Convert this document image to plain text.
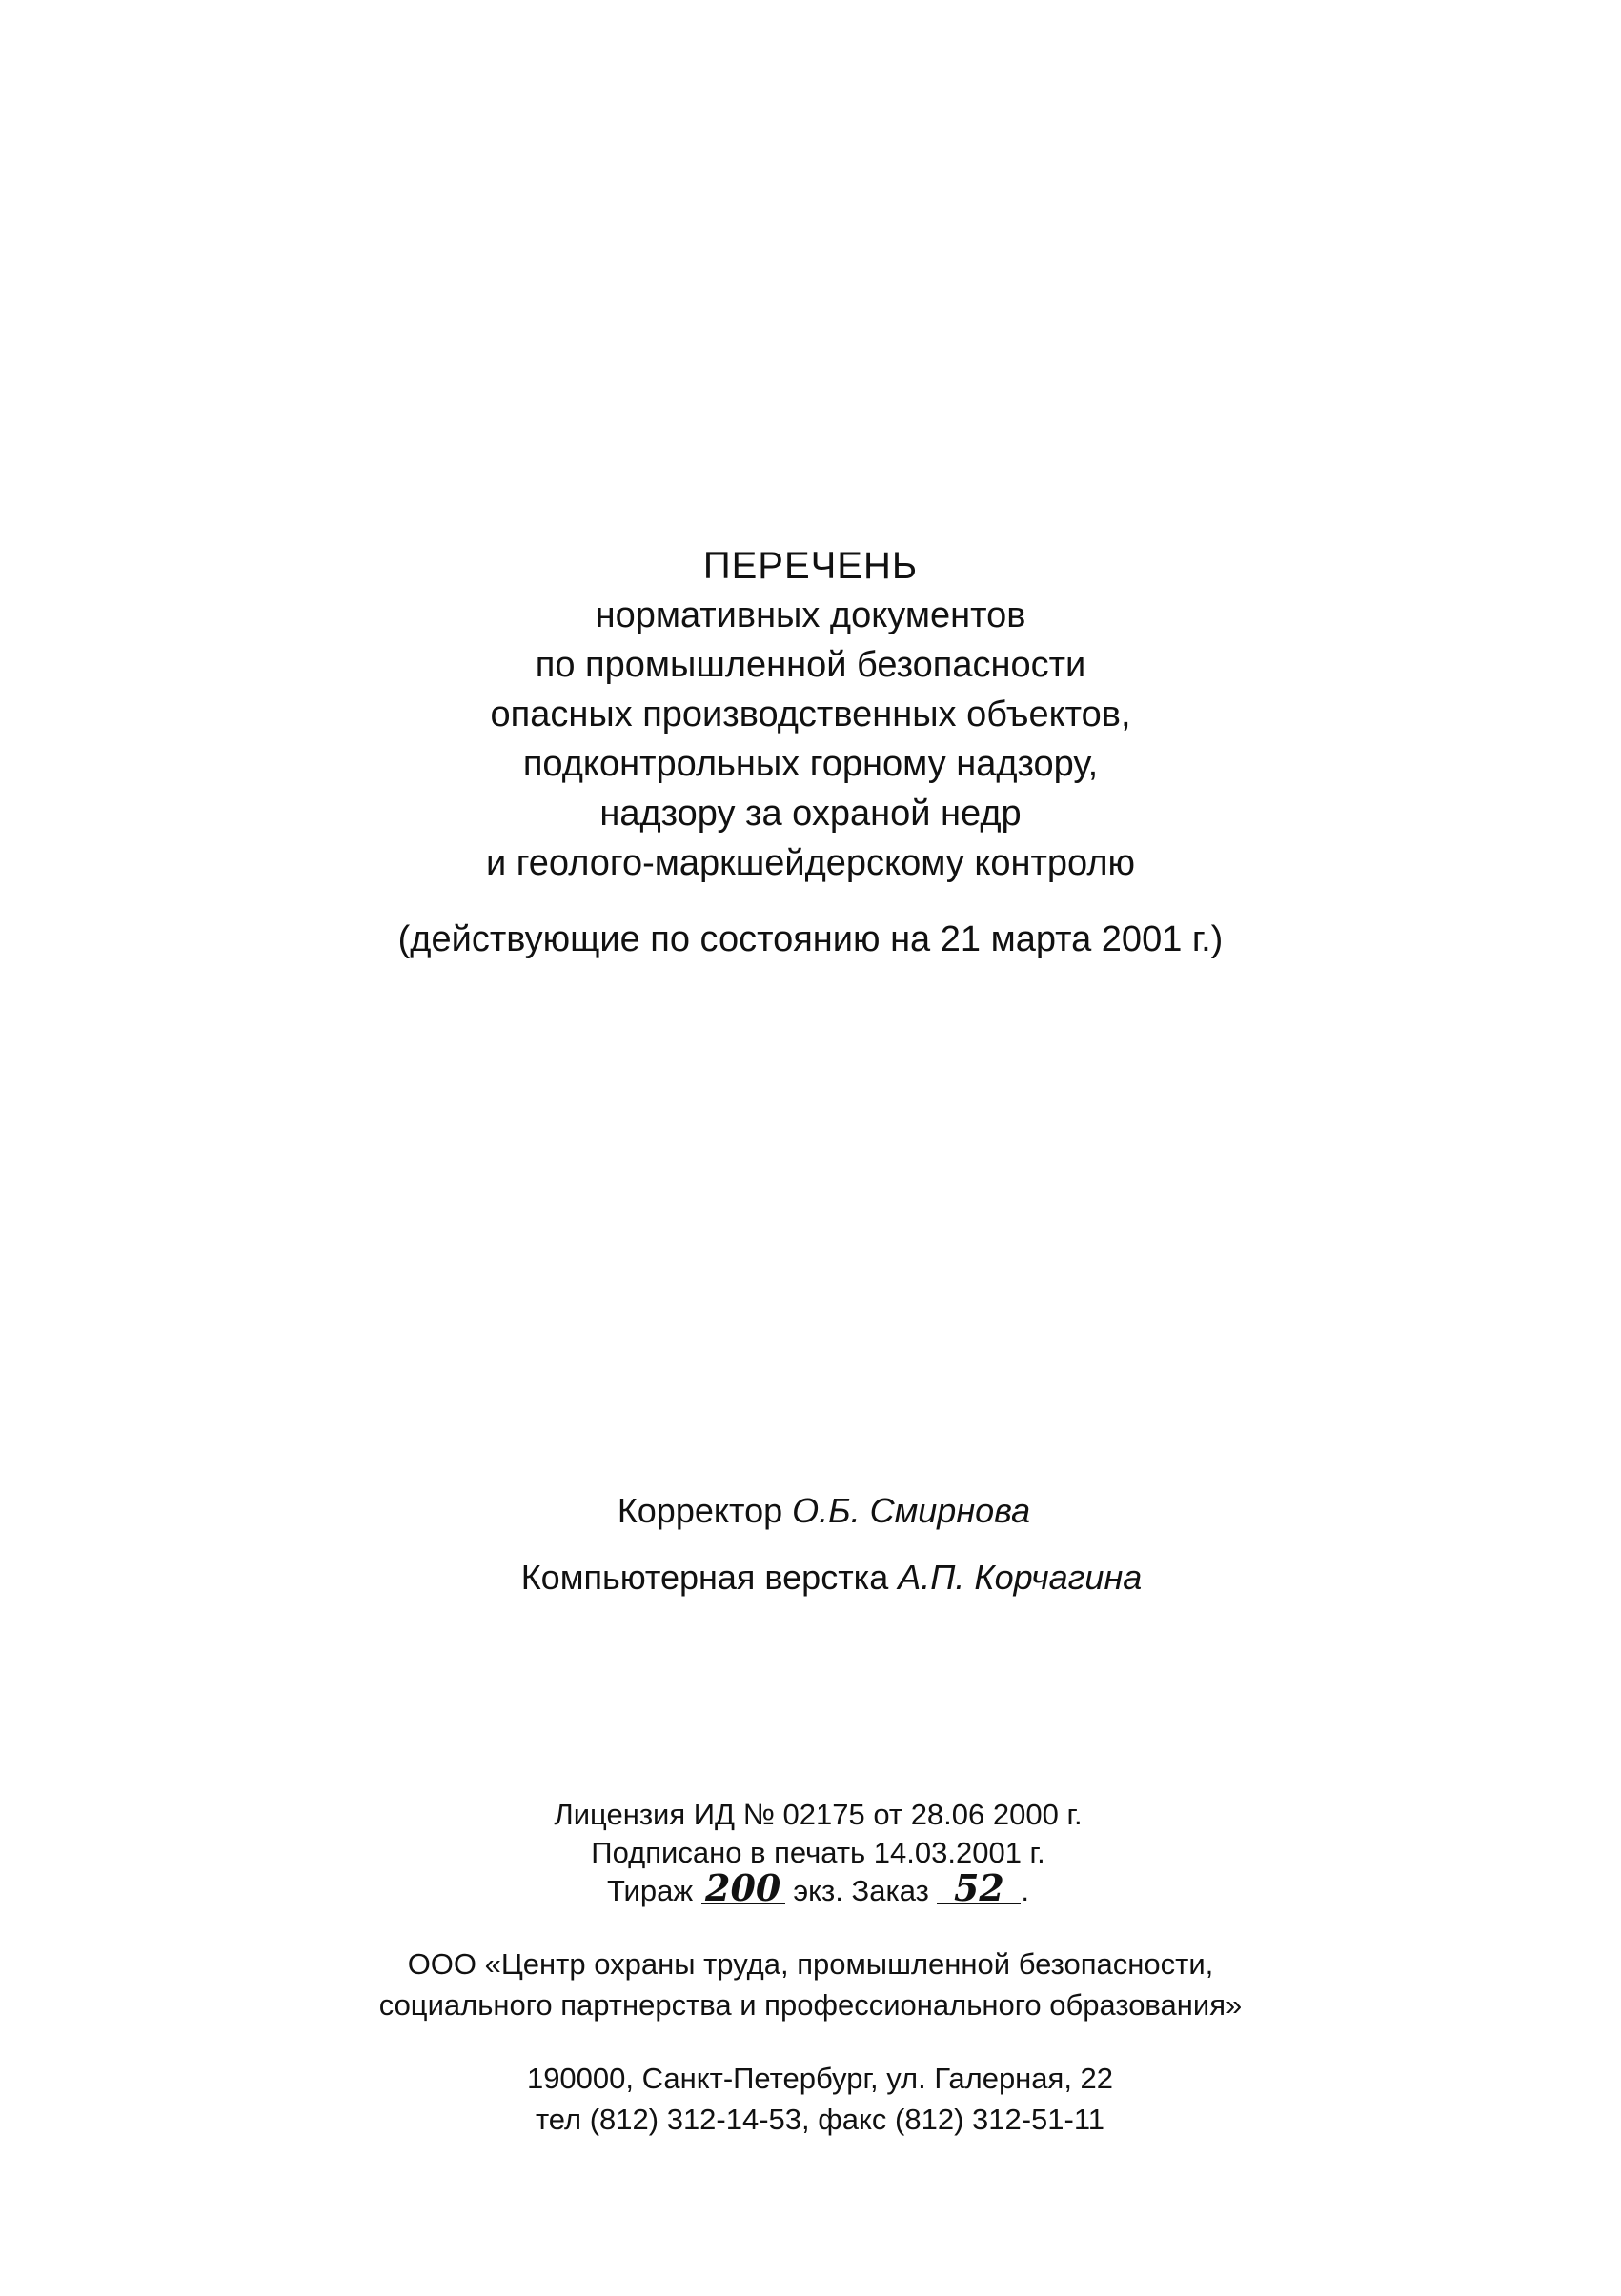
ПЕРЕЧЕНЬ
нормативных документов
по промышленной безопасности
опасных производственных объектов,
подконтрольных горному надзору,
надзору за охраной недр
и геолого-маркшейдерскому контролю
(действующие по состоянию на 21 марта 2001 г.)
Корректор О.Б. Смирнова
Компьютерная верстка А.П. Корчагина
Лицензия ИД № 02175 от 28.06 2000 г.
Подписано в печать 14.03.2001 г.
Тираж 200 экз. Заказ 52 .
ООО «Центр охраны труда, промышленной безопасности,
социального партнерства и профессионального образования»
190000, Санкт-Петербург, ул. Галерная, 22
тел (812) 312-14-53, факс (812) 312-51-11
